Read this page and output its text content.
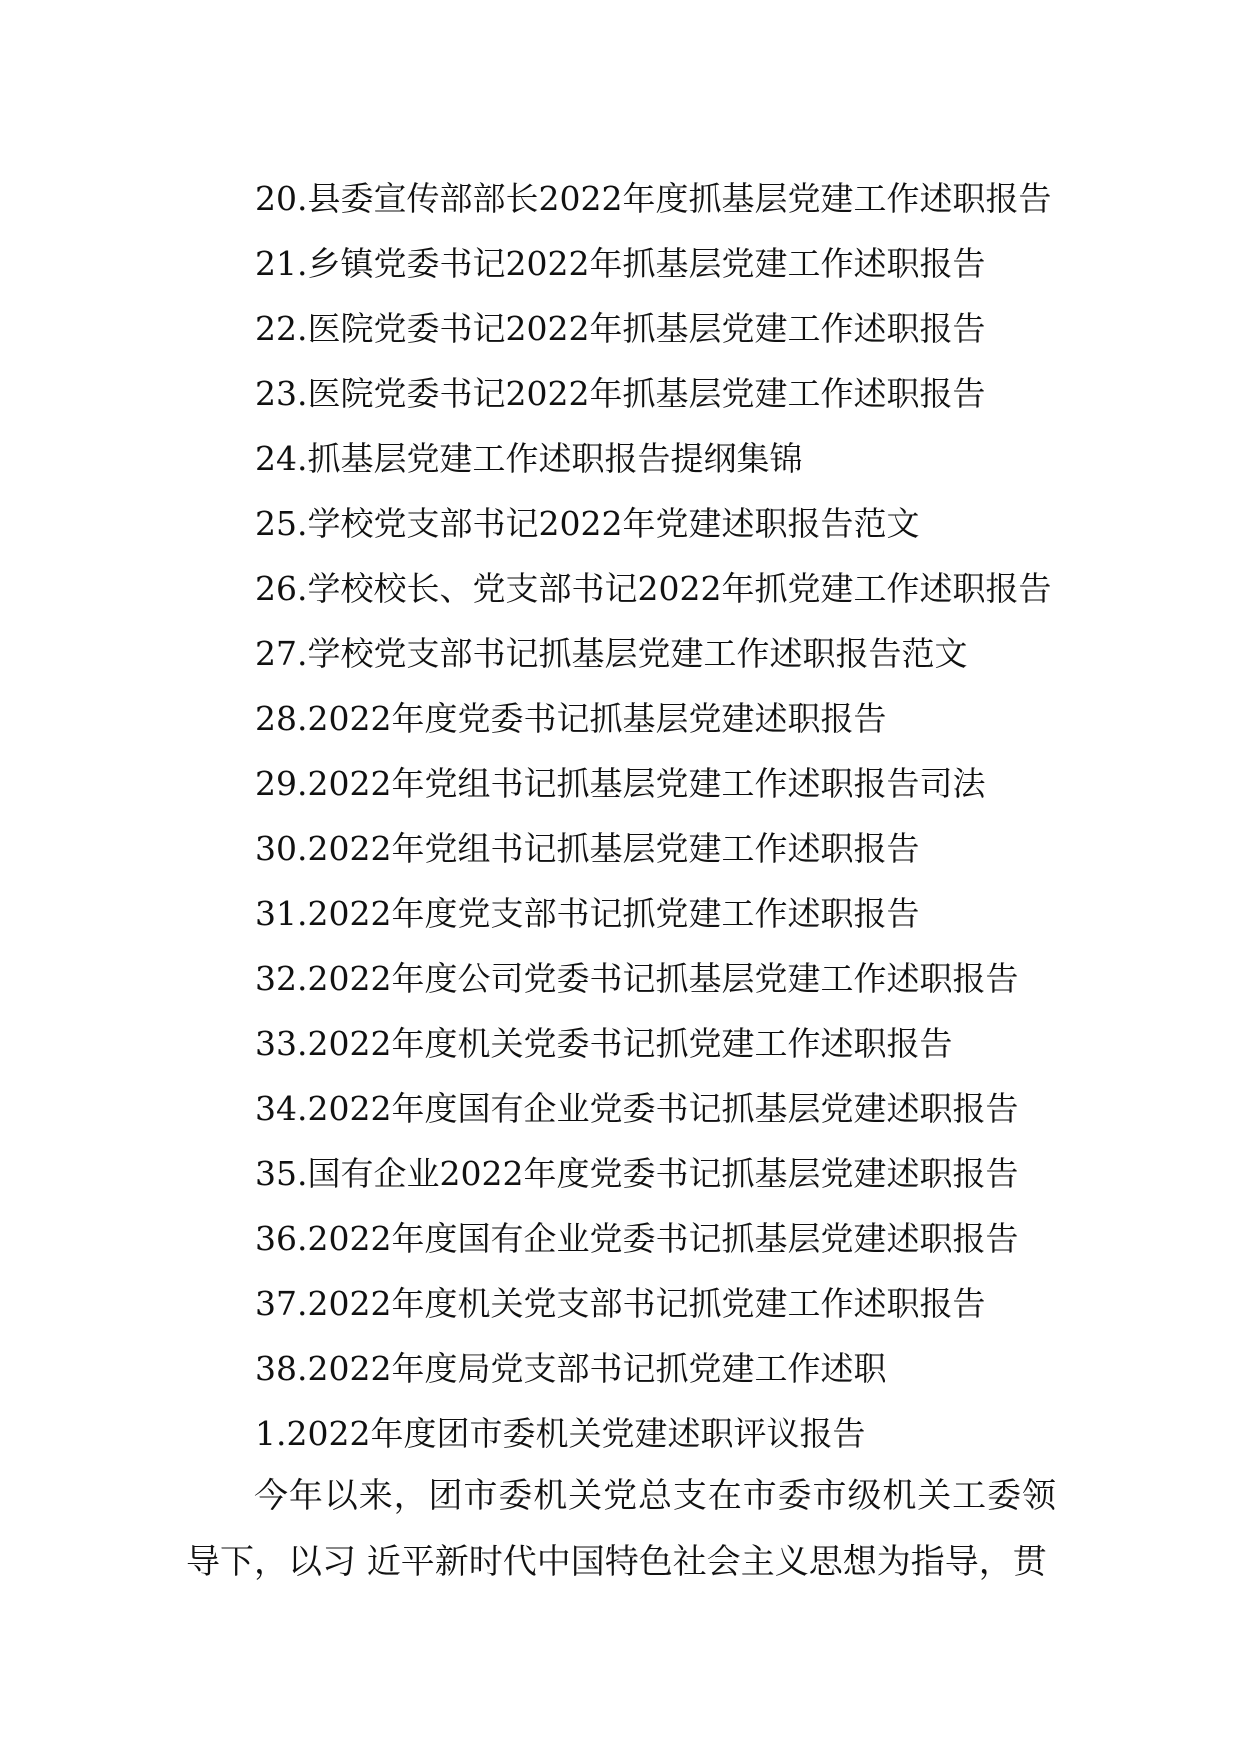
20.县委宣传部部长2022年度抓基层党建工作述职报告
21.乡镇党委书记2022年抓基层党建工作述职报告
22.医院党委书记2022年抓基层党建工作述职报告
23.医院党委书记2022年抓基层党建工作述职报告
24.抓基层党建工作述职报告提纲集锦
25.学校党支部书记2022年党建述职报告范文
26.学校校长、党支部书记2022年抓党建工作述职报告
27.学校党支部书记抓基层党建工作述职报告范文
28.2022年度党委书记抓基层党建述职报告
29.2022年党组书记抓基层党建工作述职报告司法
30.2022年党组书记抓基层党建工作述职报告
31.2022年度党支部书记抓党建工作述职报告
32.2022年度公司党委书记抓基层党建工作述职报告
33.2022年度机关党委书记抓党建工作述职报告
34.2022年度国有企业党委书记抓基层党建述职报告
35.国有企业2022年度党委书记抓基层党建述职报告
36.2022年度国有企业党委书记抓基层党建述职报告
37.2022年度机关党支部书记抓党建工作述职报告
38.2022年度局党支部书记抓党建工作述职
1.2022年度团市委机关党建述职评议报告

今年以来，团市委机关党总支在市委市级机关工委领导下，以习 近平新时代中国特色社会主义思想为指导，贯
